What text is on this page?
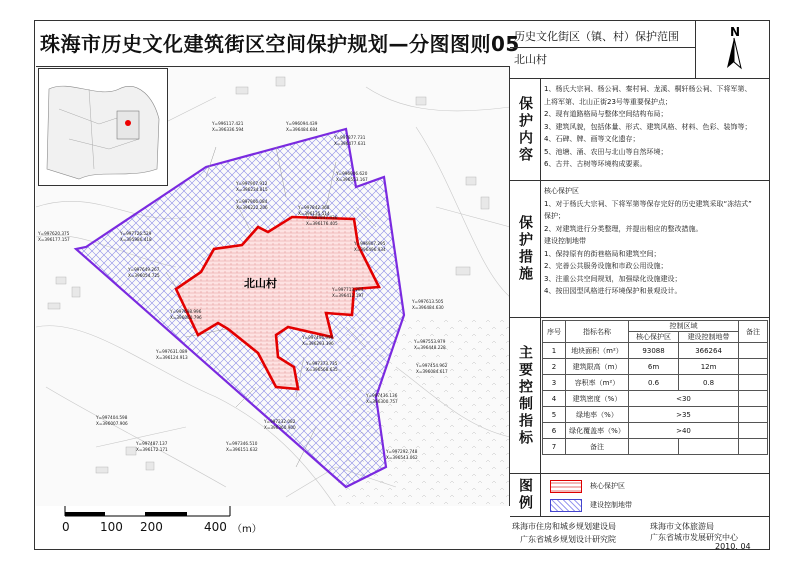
珠海市历史文化建筑街区空间保护规划—分图图则05
北山村
Y=996117.421
X=396336.594
Y=996094.439
X=396484.684
Y=997877.731
X=396477.631
Y=996906.620
X=396553.167
Y=997907.912
X=396234.815
Y=997906.084
X=396222.206	Y=997842.368
X=396135.514
Y=997947.436
X=396176.405
Y=996907.295
X=396496.934
Y=997620.375
X=396177.157
Y=997726.529
X=395986.418
Y=997649.267
X=396054.725
Y=997713.284
X=396412.197
Y=997613.505
X=396484.630
Y=997698.996
X=396060.796
Y=997631.089
X=396124.913
Y=997553.979
X=396448.228
Y=997496.996
X=396293.396
Y=997454.962
X=396084.617
Y=997373.735
X=396568.635
Y=997436.136
X=396300.757
Y=997292.748
X=396543.062
Y=997232.082
X=396360.900
Y=997404.598
X=396007.906
Y=997487.137
X=396172.171
Y=997346.510
X=396151.632
历史文化街区（镇、村）保护范围
北山村
N
保护内容
1、杨氏大宗祠、杨公祠、秦村祠、龙溪、桐轩杨公祠、下将军第、
上将军第、北山正街23号等重要保护点；
2、现有道路格局与整体空间结构布局；
3、建筑风貌，包括体量、形式、建筑风格、材料、色彩、装饰等；
4、石碑、牌、画等文化遗存；
5、池塘、涌、农田与北山等自然环境；
6、古井、古树等环境构成要素。
保护措施
核心保护区
1、对于杨氏大宗祠、下将军第等保存完好的历史建筑采取“冻结式”
保护；
2、对建筑进行分类整理，并提出相应的整改措施。
建设控制地带
1、保持原有的街巷格局和建筑空间；
2、完善公共服务设施和市政公用设施；
3、注重公共空间规划，加强绿化设施建设；
4、按田园型风格进行环境保护和景观设计。
主要控制指标
序号	指标名称	控制区域		备注
		核心保护区	建设控制地带	
1	地块面积（m²）	93088	366264	
2	建筑限高（m）	6m	12m	
3	容积率（m²）	0.6	0.8	
4	建筑密度（%）	<30		
5	绿地率（%）	>35		
6	绿化覆盖率（%）	>40		
7	备注			
图例	核心保护区
建设控制地带
珠海市住房和城乡规划建设局	珠海市文体旅游局
广东省城乡规划设计研究院	广东省城市发展研究中心
2010. 04
0	100 200	400 （m）
